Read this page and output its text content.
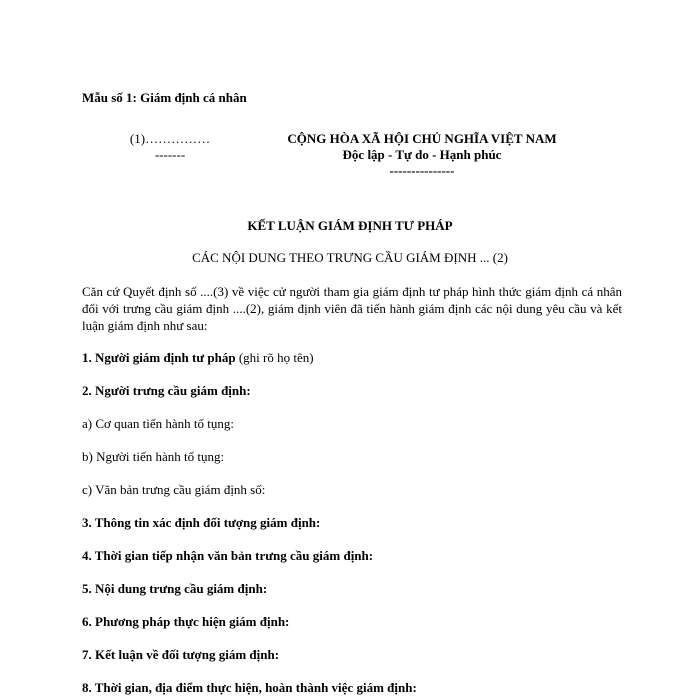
Mẫu số 1: Giám định cá nhân
(1)……………
-------
CỘNG HÒA XÃ HỘI CHỦ NGHĨA VIỆT NAM
Độc lập - Tự do - Hạnh phúc
---------------
KẾT LUẬN GIÁM ĐỊNH TƯ PHÁP
CÁC NỘI DUNG THEO TRƯNG CẦU GIÁM ĐỊNH ... (2)
Căn cứ Quyết định số ....(3) về việc cử người tham gia giám định tư pháp hình thức giám định cá nhân đối với trưng cầu giám định ....(2), giám định viên đã tiến hành giám định các nội dung yêu cầu và kết luận giám định như sau:
1. Người giám định tư pháp (ghi rõ họ tên)
2. Người trưng cầu giám định:
a) Cơ quan tiến hành tố tụng:
b) Người tiến hành tố tụng:
c) Văn bản trưng cầu giám định số:
3. Thông tin xác định đối tượng giám định:
4. Thời gian tiếp nhận văn bản trưng cầu giám định:
5. Nội dung trưng cầu giám định:
6. Phương pháp thực hiện giám định:
7. Kết luận về đối tượng giám định:
8. Thời gian, địa điểm thực hiện, hoàn thành việc giám định:
